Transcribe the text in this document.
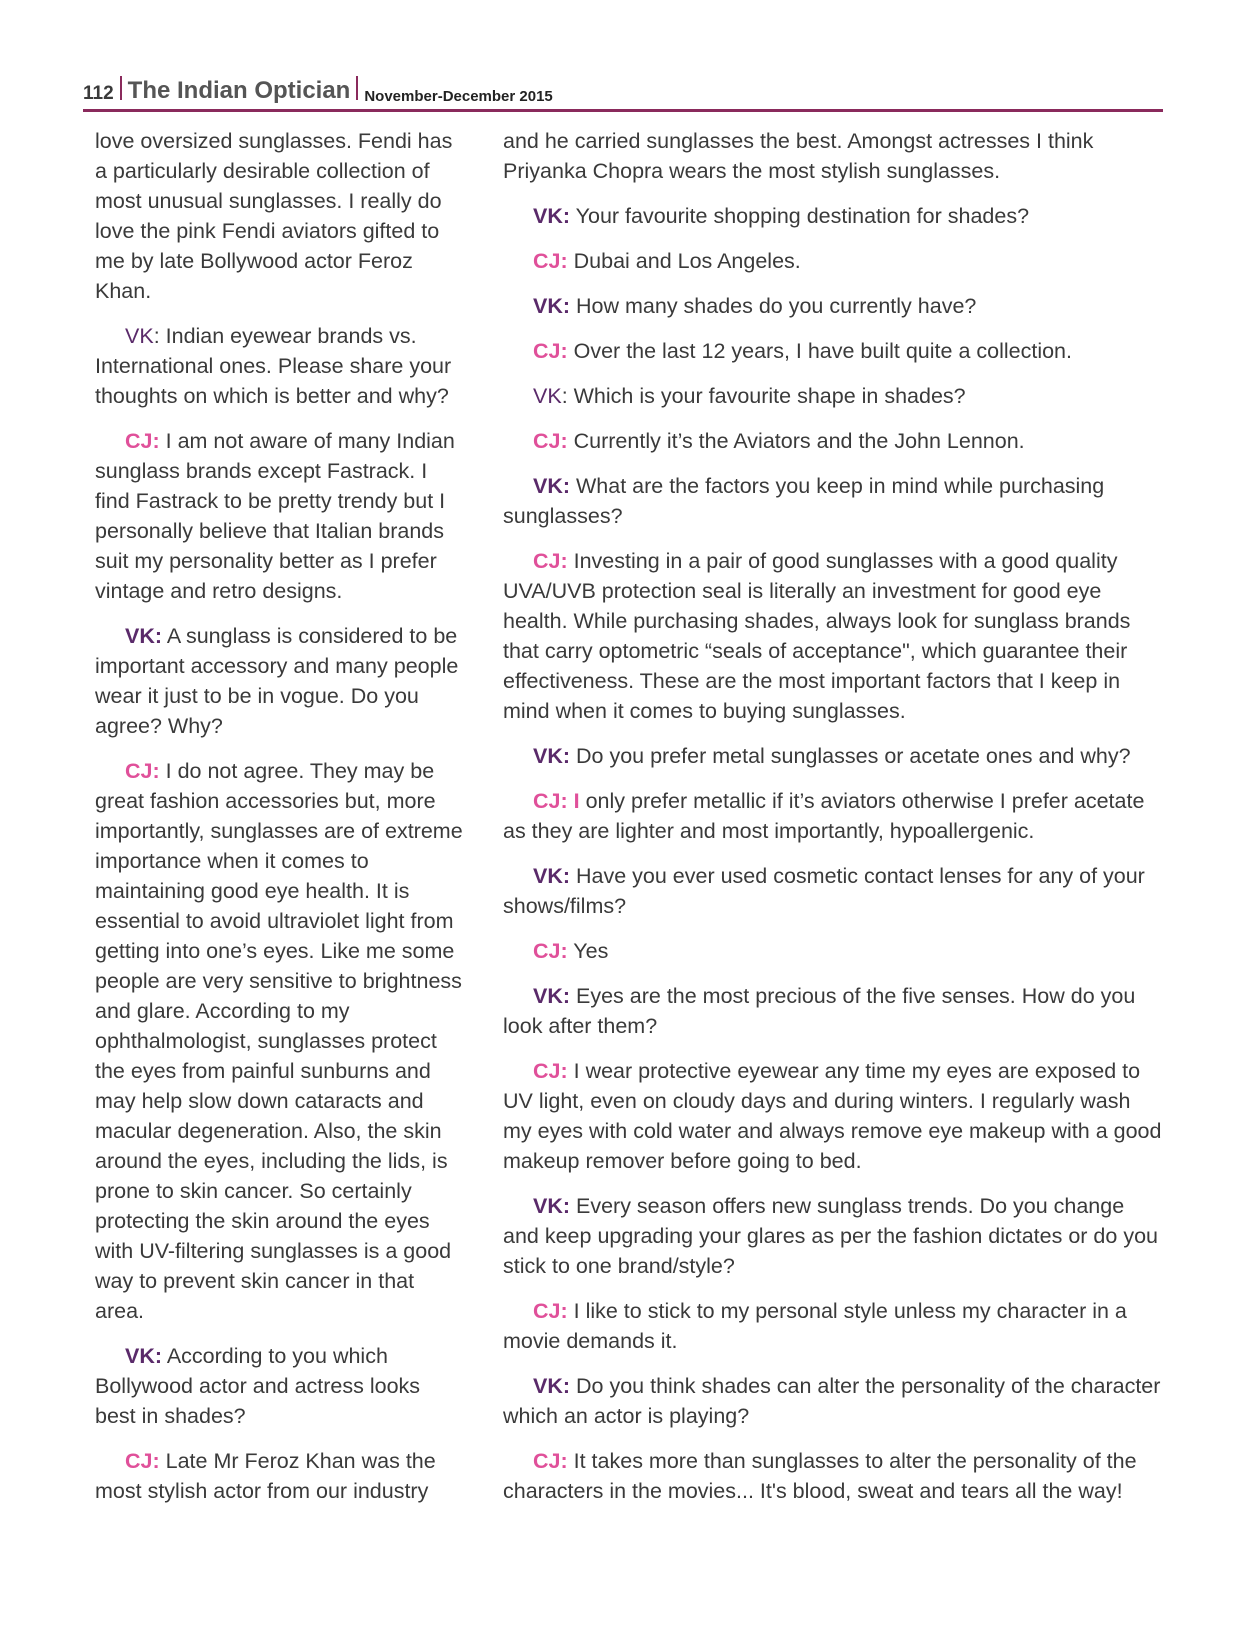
112 The Indian Optician November-December 2015

love oversized sunglasses. Fendi has a particularly desirable collection of most unusual sunglasses. I really do love the pink Fendi aviators gifted to me by late Bollywood actor Feroz Khan.

VK: Indian eyewear brands vs. International ones. Please share your thoughts on which is better and why?

CJ: I am not aware of many Indian sunglass brands except Fastrack. I find Fastrack to be pretty trendy but I personally believe that Italian brands suit my personality better as I prefer vintage and retro designs.

VK: A sunglass is considered to be important accessory and many people wear it just to be in vogue. Do you agree? Why?

CJ: I do not agree. They may be great fashion accessories but, more importantly, sunglasses are of extreme importance when it comes to maintaining good eye health. It is essential to avoid ultraviolet light from getting into one’s eyes. Like me some people are very sensitive to brightness and glare. According to my ophthalmologist, sunglasses protect the eyes from painful sunburns and may help slow down cataracts and macular degeneration. Also, the skin around the eyes, including the lids, is prone to skin cancer. So certainly protecting the skin around the eyes with UV-filtering sunglasses is a good way to prevent skin cancer in that area.

VK: According to you which Bollywood actor and actress looks best in shades?

CJ: Late Mr Feroz Khan was the most stylish actor from our industry

and he carried sunglasses the best. Amongst actresses I think Priyanka Chopra wears the most stylish sunglasses.

VK: Your favourite shopping destination for shades?

CJ: Dubai and Los Angeles.

VK: How many shades do you currently have?

CJ: Over the last 12 years, I have built quite a collection.

VK: Which is your favourite shape in shades?

CJ: Currently it’s the Aviators and the John Lennon.

VK: What are the factors you keep in mind while purchasing sunglasses?

CJ: Investing in a pair of good sunglasses with a good quality UVA/UVB protection seal is literally an investment for good eye health. While purchasing shades, always look for sunglass brands that carry optometric “seals of acceptance", which guarantee their effectiveness. These are the most important factors that I keep in mind when it comes to buying sunglasses.

VK: Do you prefer metal sunglasses or acetate ones and why?

CJ: I only prefer metallic if it’s aviators otherwise I prefer acetate as they are lighter and most importantly, hypoallergenic.

VK: Have you ever used cosmetic contact lenses for any of your shows/films?

CJ: Yes

VK: Eyes are the most precious of the five senses. How do you look after them?

CJ: I wear protective eyewear any time my eyes are exposed to UV light, even on cloudy days and during winters. I regularly wash my eyes with cold water and always remove eye makeup with a good makeup remover before going to bed.

VK: Every season offers new sunglass trends. Do you change and keep upgrading your glares as per the fashion dictates or do you stick to one brand/style?

CJ: I like to stick to my personal style unless my character in a movie demands it.

VK: Do you think shades can alter the personality of the character which an actor is playing?

CJ: It takes more than sunglasses to alter the personality of the characters in the movies... It's blood, sweat and tears all the way!
